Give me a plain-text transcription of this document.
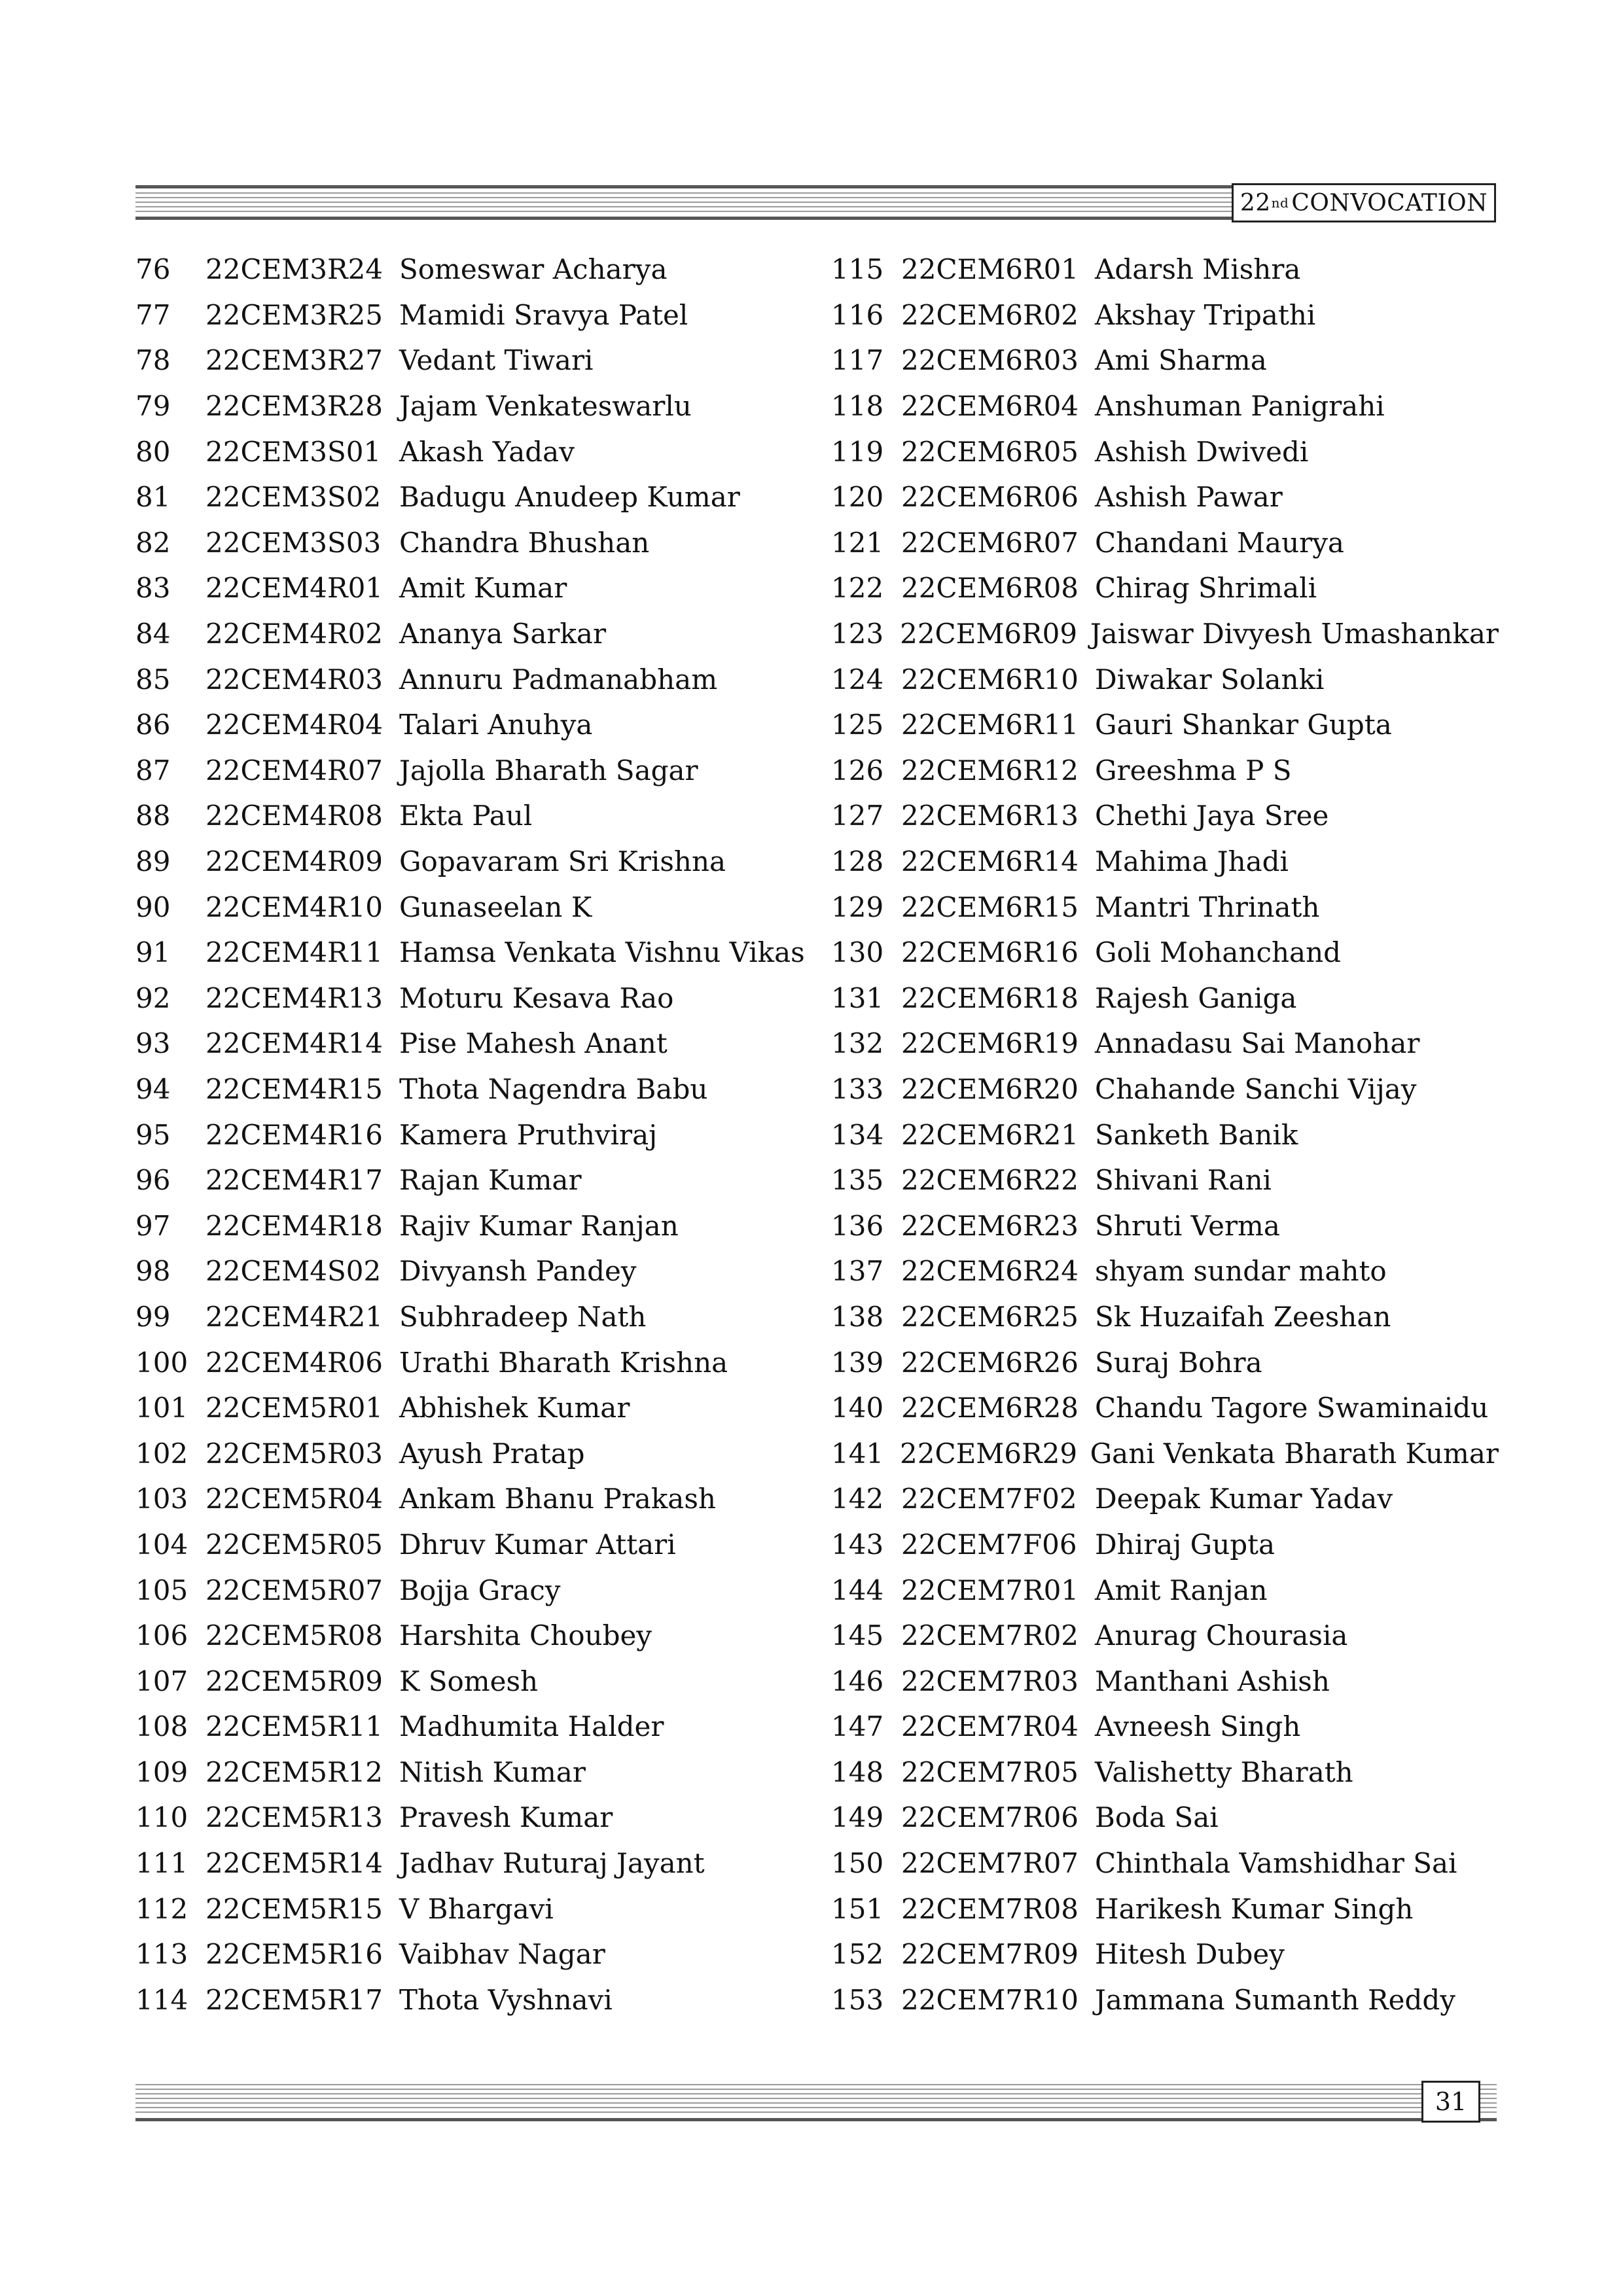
22 nd CONVOCATION
76	22CEM3R24 Someswar Acharya
77	22CEM3R25 Mamidi Sravya Patel
78	22CEM3R27 Vedant Tiwari
79	22CEM3R28 Jajam Venkateswarlu
80	22CEM3S01 Akash Yadav
81	22CEM3S02 Badugu Anudeep Kumar
82	22CEM3S03 Chandra Bhushan
83	22CEM4R01 Amit Kumar
84	22CEM4R02 Ananya Sarkar
85	22CEM4R03 Annuru Padmanabham
86	22CEM4R04 Talari Anuhya
87	22CEM4R07 Jajolla Bharath Sagar
88	22CEM4R08 Ekta Paul
89	22CEM4R09 Gopavaram Sri Krishna
90	22CEM4R10 Gunaseelan K
91	22CEM4R11 Hamsa Venkata Vishnu Vikas
92	22CEM4R13 Moturu Kesava Rao
93	22CEM4R14 Pise Mahesh Anant
94	22CEM4R15 Thota Nagendra Babu
95	22CEM4R16 Kamera Pruthviraj
96	22CEM4R17 Rajan Kumar
97	22CEM4R18 Rajiv Kumar Ranjan
98	22CEM4S02 Divyansh Pandey
99	22CEM4R21 Subhradeep Nath
100 22CEM4R06 Urathi Bharath Krishna
101 22CEM5R01 Abhishek Kumar
102 22CEM5R03 Ayush Pratap
103 22CEM5R04 Ankam Bhanu Prakash
104 22CEM5R05 Dhruv Kumar Attari
105 22CEM5R07 Bojja Gracy
106 22CEM5R08 Harshita Choubey
107 22CEM5R09 K Somesh
108 22CEM5R11 Madhumita Halder
109 22CEM5R12 Nitish Kumar
110 22CEM5R13 Pravesh Kumar
111 22CEM5R14 Jadhav Ruturaj Jayant
112 22CEM5R15 V Bhargavi
113 22CEM5R16 Vaibhav Nagar
114 22CEM5R17 Thota Vyshnavi
115 22CEM6R01 Adarsh Mishra
116 22CEM6R02 Akshay Tripathi
117 22CEM6R03 Ami Sharma
118 22CEM6R04 Anshuman Panigrahi
119 22CEM6R05 Ashish Dwivedi
120 22CEM6R06 Ashish Pawar
121 22CEM6R07 Chandani Maurya
122 22CEM6R08 Chirag Shrimali
123 22CEM6R09 Jaiswar Divyesh Umashankar
124 22CEM6R10 Diwakar Solanki
125 22CEM6R11 Gauri Shankar Gupta
126 22CEM6R12 Greeshma P S
127 22CEM6R13 Chethi Jaya Sree
128 22CEM6R14 Mahima Jhadi
129 22CEM6R15 Mantri Thrinath
130 22CEM6R16 Goli Mohanchand
131 22CEM6R18 Rajesh Ganiga
132 22CEM6R19 Annadasu Sai Manohar
133 22CEM6R20 Chahande Sanchi Vijay
134 22CEM6R21 Sanketh Banik
135 22CEM6R22 Shivani Rani
136 22CEM6R23 Shruti Verma
137 22CEM6R24 shyam sundar mahto
138 22CEM6R25 Sk Huzaifah Zeeshan
139 22CEM6R26 Suraj Bohra
140 22CEM6R28 Chandu Tagore Swaminaidu
141 22CEM6R29 Gani Venkata Bharath Kumar
142 22CEM7F02 Deepak Kumar Yadav
143 22CEM7F06 Dhiraj Gupta
144 22CEM7R01 Amit Ranjan
145 22CEM7R02 Anurag Chourasia
146 22CEM7R03 Manthani Ashish
147 22CEM7R04 Avneesh Singh
148 22CEM7R05 Valishetty Bharath
149 22CEM7R06 Boda Sai
150 22CEM7R07 Chinthala Vamshidhar Sai
151 22CEM7R08 Harikesh Kumar Singh
152 22CEM7R09 Hitesh Dubey
153 22CEM7R10 Jammana Sumanth Reddy
31
